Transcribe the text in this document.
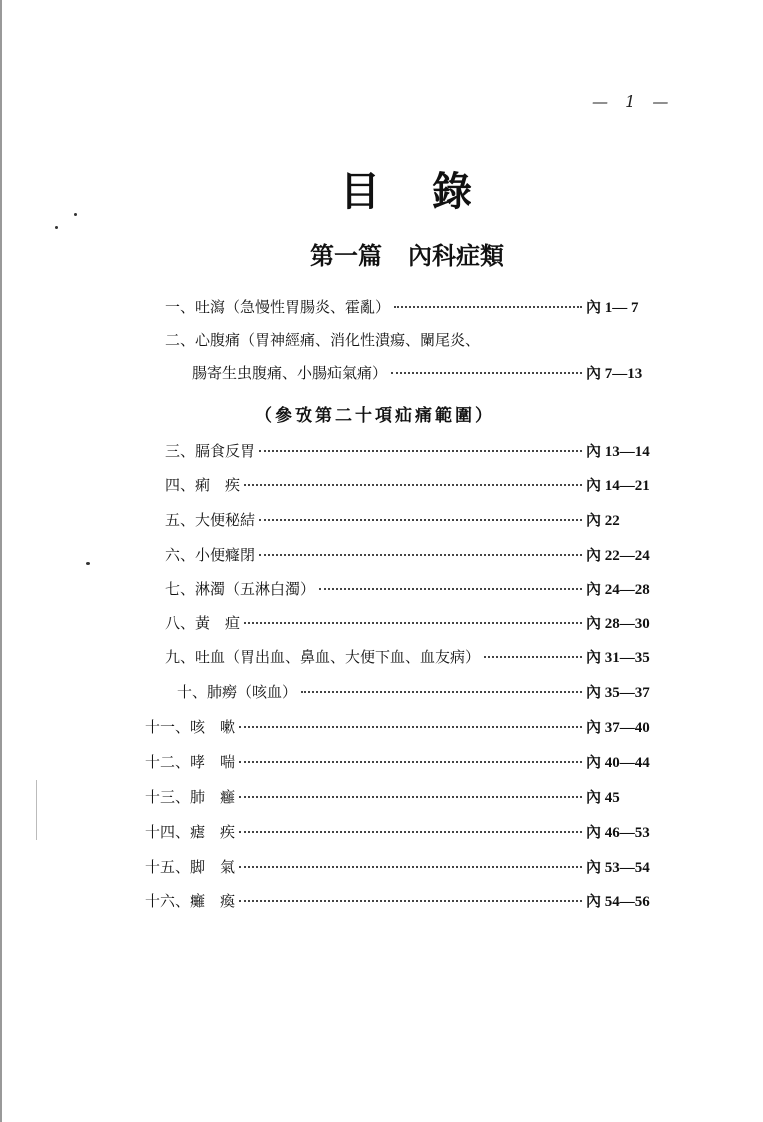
— 1 —
目錄
第一篇 內科症類
（參攷第二十項疝痛範圍）
一、吐瀉（急慢性胃腸炎、霍亂）	內 1— 7
二、心腹痛（胃神經痛、消化性潰瘍、闌尾炎、
腸寄生虫腹痛、小腸疝氣痛）	內 7—13
三、膈食反胃	內 13—14
四、痢　疾	內 14—21
五、大便秘結	內 22
六、小便癃閉	內 22—24
七、淋濁（五淋白濁）	內 24—28
八、黃　疸	內 28—30
九、吐血（胃出血、鼻血、大便下血、血友病）	內 31—35
十、肺癆（咳血）	內 35—37
十一、咳　嗽	內 37—40
十二、哮　喘	內 40—44
十三、肺　癰	內 45
十四、瘧　疾	內 46—53
十五、脚　氣	內 53—54
十六、癱　瘓	內 54—56
